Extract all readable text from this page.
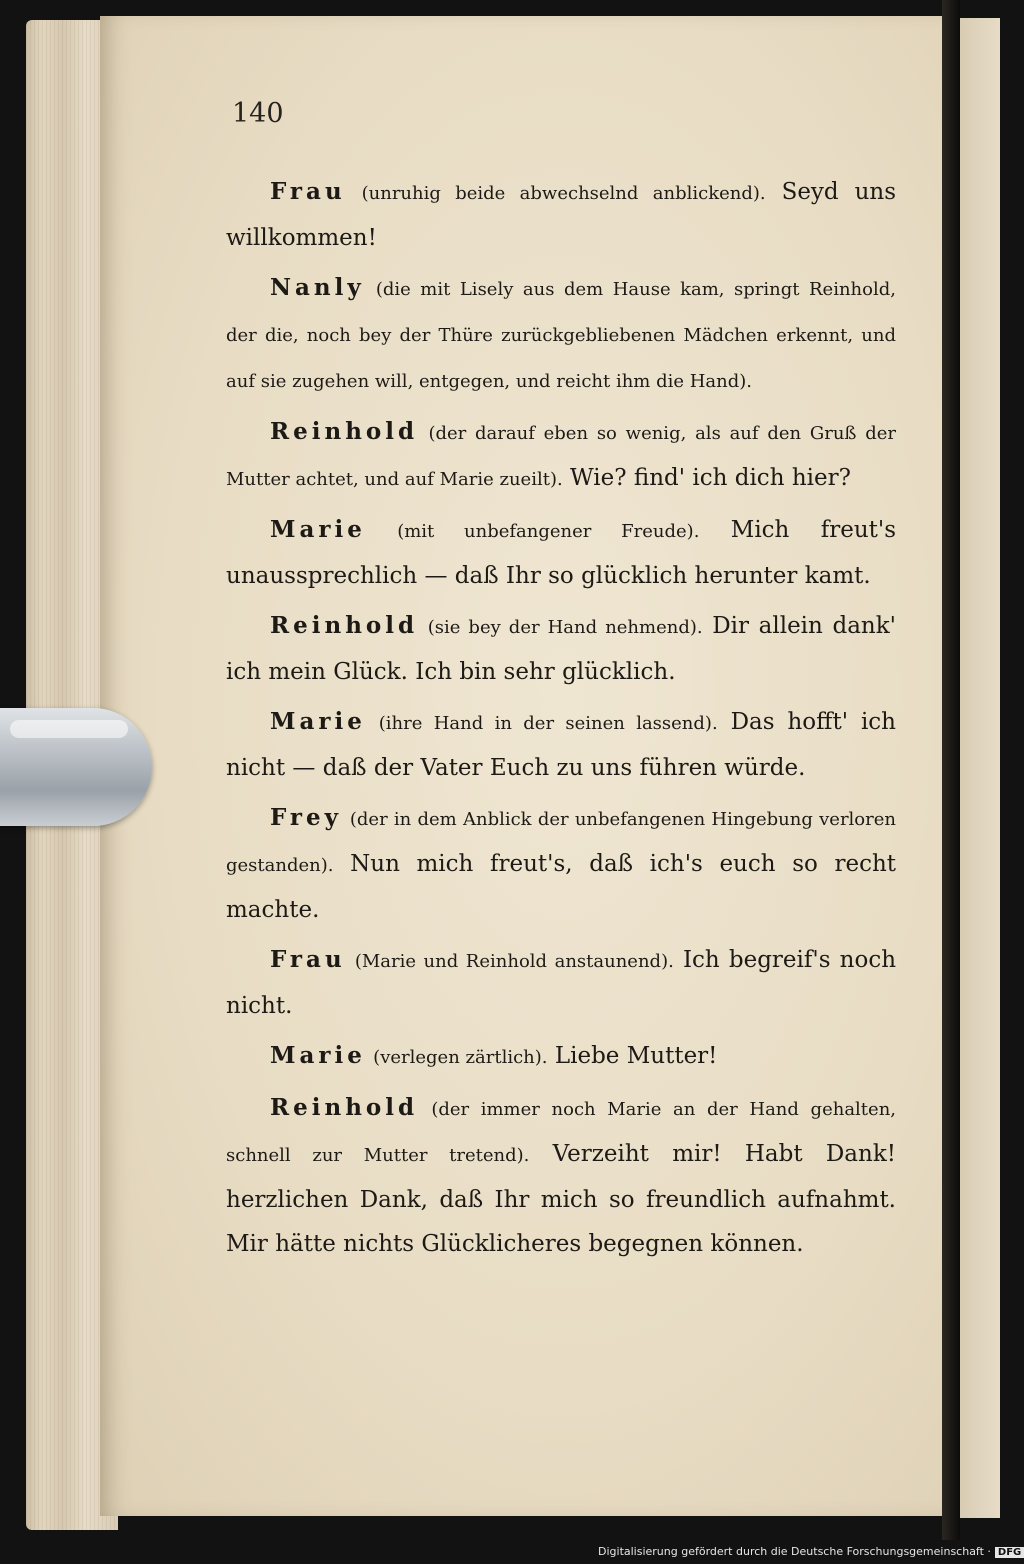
140

Frau (unruhig beide abwechselnd anblickend). Seyd uns willkommen!

Nanly (die mit Lisely aus dem Hause kam, springt Reinhold, der die, noch bey der Thüre zurückgebliebenen Mädchen erkennt, und auf sie zugehen will, entgegen, und reicht ihm die Hand).

Reinhold (der darauf eben so wenig, als auf den Gruß der Mutter achtet, und auf Marie zueilt). Wie? find' ich dich hier?

Marie (mit unbefangener Freude). Mich freut's unaussprechlich — daß Ihr so glücklich herunter kamt.

Reinhold (sie bey der Hand nehmend). Dir allein dank' ich mein Glück. Ich bin sehr glücklich.

Marie (ihre Hand in der seinen lassend). Das hofft' ich nicht — daß der Vater Euch zu uns führen würde.

Frey (der in dem Anblick der unbefangenen Hingebung verloren gestanden). Nun mich freut's, daß ich's euch so recht machte.

Frau (Marie und Reinhold anstaunend). Ich begreif's noch nicht.

Marie (verlegen zärtlich). Liebe Mutter!

Reinhold (der immer noch Marie an der Hand gehalten, schnell zur Mutter tretend). Verzeiht mir! Habt Dank! herzlichen Dank, daß Ihr mich so freundlich aufnahmt. Mir hätte nichts Glücklicheres begegnen können.

Digitalisierung gefördert durch die Deutsche Forschungsgemeinschaft · DFG
